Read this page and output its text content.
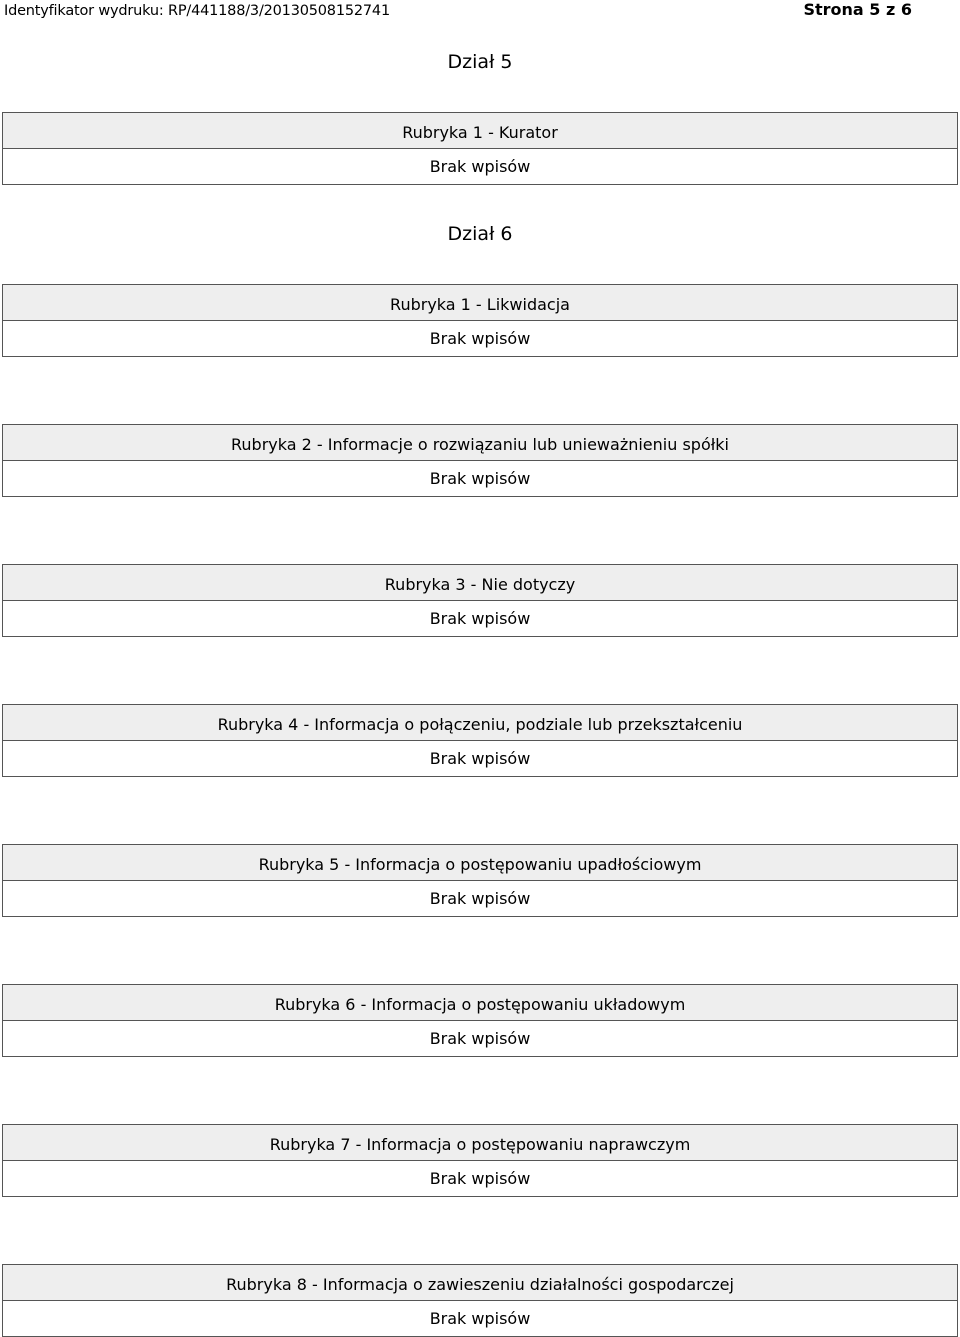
Identyfikator wydruku: RP/441188/3/20130508152741	Strona 5 z 6
Dział 5
Rubryka 1 - Kurator
Brak wpisów
Dział 6
Rubryka 1 - Likwidacja
Brak wpisów
Rubryka 2 - Informacje o rozwiązaniu lub unieważnieniu spółki
Brak wpisów
Rubryka 3 - Nie dotyczy
Brak wpisów
Rubryka 4 - Informacja o połączeniu, podziale lub przekształceniu
Brak wpisów
Rubryka 5 - Informacja o postępowaniu upadłościowym
Brak wpisów
Rubryka 6 - Informacja o postępowaniu układowym
Brak wpisów
Rubryka 7 - Informacja o postępowaniu naprawczym
Brak wpisów
Rubryka 8 - Informacja o zawieszeniu działalności gospodarczej
Brak wpisów
